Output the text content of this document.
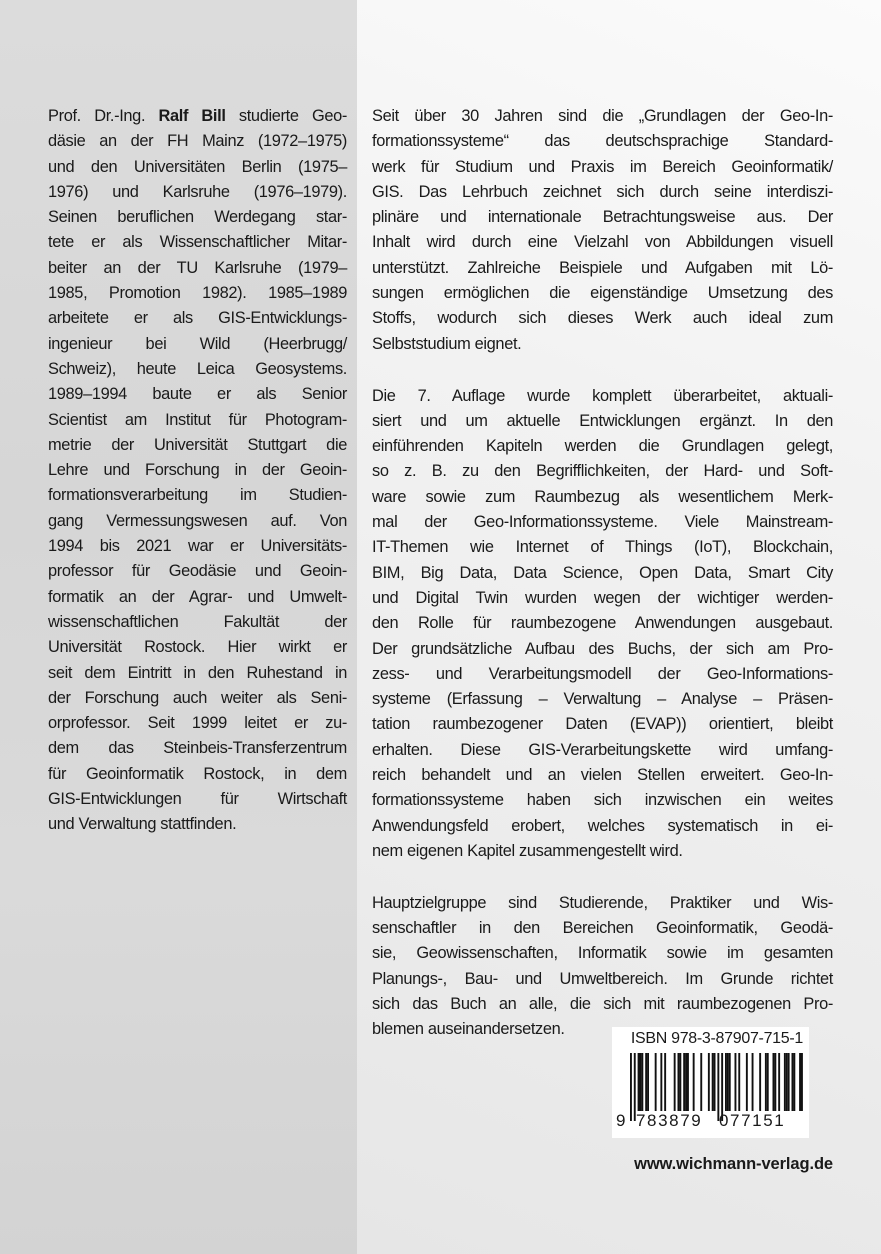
Prof. Dr.-Ing. Ralf Bill studierte Geo-
däsie an der FH Mainz (1972–1975)
und den Universitäten Berlin (1975–
1976) und Karlsruhe (1976–1979).
Seinen beruflichen Werdegang star-
tete er als Wissenschaftlicher Mitar-
beiter an der TU Karlsruhe (1979–
1985, Promotion 1982). 1985–1989
arbeitete er als GIS-Entwicklungs-
ingenieur bei Wild (Heerbrugg/
Schweiz), heute Leica Geosystems.
1989–1994 baute er als Senior
Scientist am Institut für Photogram-
metrie der Universität Stuttgart die
Lehre und Forschung in der Geoin-
formationsverarbeitung im Studien-
gang Vermessungswesen auf. Von
1994 bis 2021 war er Universitäts-
professor für Geodäsie und Geoin-
formatik an der Agrar- und Umwelt-
wissenschaftlichen Fakultät der
Universität Rostock. Hier wirkt er
seit dem Eintritt in den Ruhestand in
der Forschung auch weiter als Seni-
orprofessor. Seit 1999 leitet er zu-
dem das Steinbeis-Transferzentrum
für Geoinformatik Rostock, in dem
GIS-Entwicklungen für Wirtschaft
und Verwaltung stattfinden.
Seit über 30 Jahren sind die „Grundlagen der Geo-In-
formationssysteme“ das deutschsprachige Standard-
werk für Studium und Praxis im Bereich Geoinformatik/
GIS. Das Lehrbuch zeichnet sich durch seine interdiszi-
plinäre und internationale Betrachtungsweise aus. Der
Inhalt wird durch eine Vielzahl von Abbildungen visuell
unterstützt. Zahlreiche Beispiele und Aufgaben mit Lö-
sungen ermöglichen die eigenständige Umsetzung des
Stoffs, wodurch sich dieses Werk auch ideal zum
Selbststudium eignet.
Die 7. Auflage wurde komplett überarbeitet, aktuali-
siert und um aktuelle Entwicklungen ergänzt. In den
einführenden Kapiteln werden die Grundlagen gelegt,
so z. B. zu den Begrifflichkeiten, der Hard- und Soft-
ware sowie zum Raumbezug als wesentlichem Merk-
mal der Geo-Informationssysteme. Viele Mainstream-
IT-Themen wie Internet of Things (IoT), Blockchain,
BIM, Big Data, Data Science, Open Data, Smart City
und Digital Twin wurden wegen der wichtiger werden-
den Rolle für raumbezogene Anwendungen ausgebaut.
Der grundsätzliche Aufbau des Buchs, der sich am Pro-
zess- und Verarbeitungsmodell der Geo-Informations-
systeme (Erfassung – Verwaltung – Analyse – Präsen-
tation raumbezogener Daten (EVAP)) orientiert, bleibt
erhalten. Diese GIS-Verarbeitungskette wird umfang-
reich behandelt und an vielen Stellen erweitert. Geo-In-
formationssysteme haben sich inzwischen ein weites
Anwendungsfeld erobert, welches systematisch in ei-
nem eigenen Kapitel zusammengestellt wird.
Hauptzielgruppe sind Studierende, Praktiker und Wis-
senschaftler in den Bereichen Geoinformatik, Geodä-
sie, Geowissenschaften, Informatik sowie im gesamten
Planungs-, Bau- und Umweltbereich. Im Grunde richtet
sich das Buch an alle, die sich mit raumbezogenen Pro-
blemen auseinandersetzen.
ISBN 978-3-87907-715-1
9 783879 077151
www.wichmann-verlag.de
